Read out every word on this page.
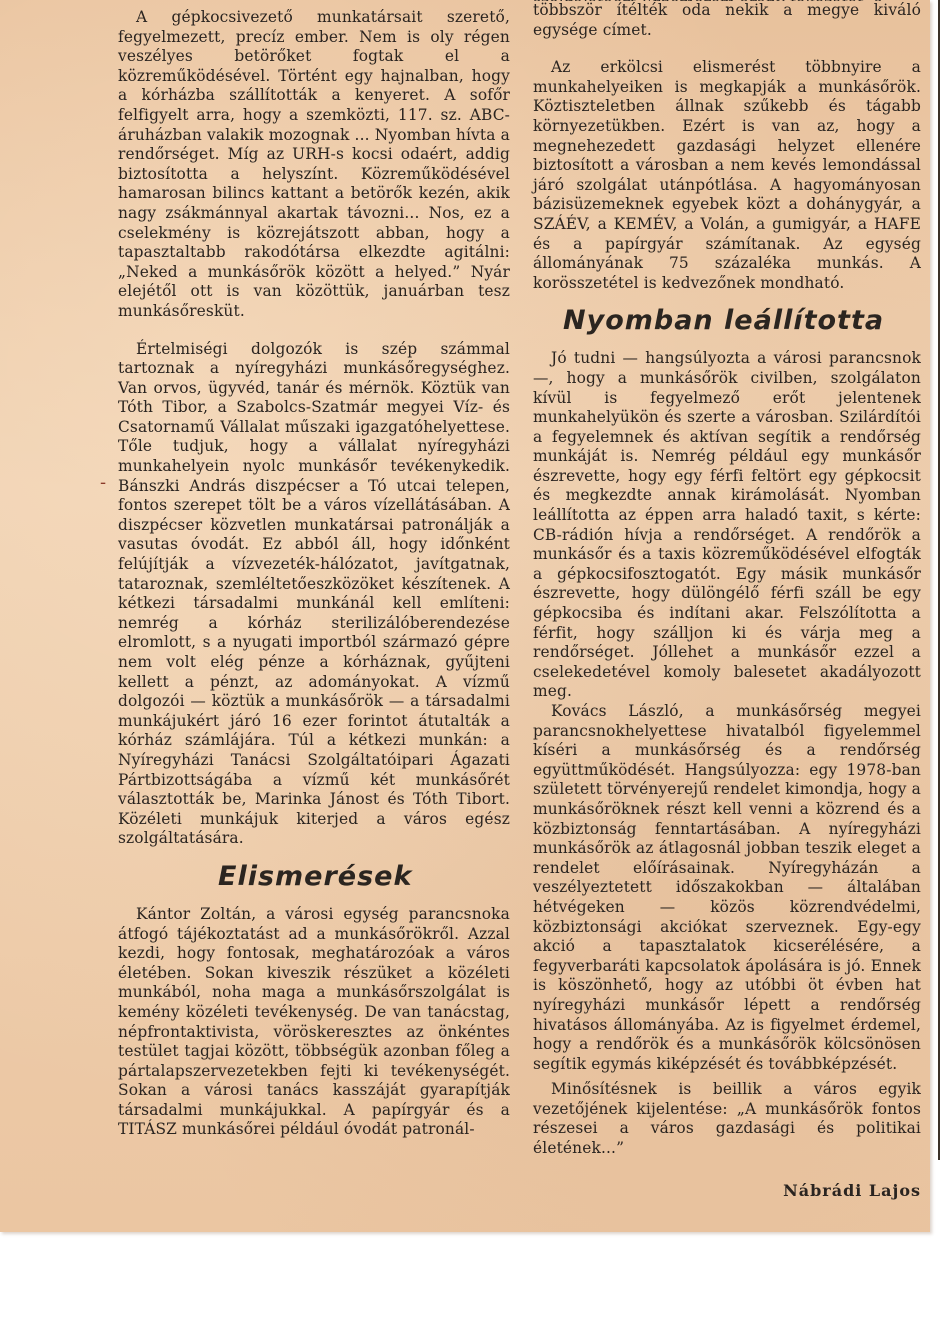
A gépkocsivezető munkatársait szerető, fegyelmezett, precíz ember. Nem is oly régen veszélyes betörőket fogtak el a közreműködésével. Történt egy hajnalban, hogy a kórházba szállították a kenyeret. A sofőr felfigyelt arra, hogy a szemközti, 117. sz. ABC-áruházban valakik mozognak ... Nyomban hívta a rendőrséget. Míg az URH-s kocsi odaért, addig biztosította a helyszínt. Közreműködésével hamarosan bilincs kattant a betörők kezén, akik nagy zsákmánnyal akartak távozni... Nos, ez a cselekmény is közrejátszott abban, hogy a tapasztaltabb rakodótársa elkezdte agitálni: „Neked a munkásőrök között a helyed.” Nyár elejétől ott is van közöttük, januárban tesz munkásőresküt.

Értelmiségi dolgozók is szép számmal tartoznak a nyíregyházi munkásőregységhez. Van orvos, ügyvéd, tanár és mérnök. Köztük van Tóth Tibor, a Szabolcs-Szatmár megyei Víz- és Csatornamű Vállalat műszaki igazgatóhelyettese. Tőle tudjuk, hogy a vállalat nyíregyházi munkahelyein nyolc munkásőr tevékenykedik. Bánszki András diszpécser a Tó utcai telepen, fontos szerepet tölt be a város vízellátásában. A diszpécser közvetlen munkatársai patronálják a vasutas óvodát. Ez abból áll, hogy időnként felújítják a vízvezeték-hálózatot, javítgatnak, tataroznak, szemléltetőeszközöket készítenek. A kétkezi társadalmi munkánál kell említeni: nemrég a kórház sterilizálóberendezése elromlott, s a nyugati importból származó gépre nem volt elég pénze a kórháznak, gyűjteni kellett a pénzt, az adományokat. A vízmű dolgozói — köztük a munkásőrök — a társadalmi munkájukért járó 16 ezer forintot átutalták a kórház számlájára. Túl a kétkezi munkán: a Nyíregyházi Tanácsi Szolgáltatóipari Ágazati Pártbizottságába a vízmű két munkásőrét választották be, Marinka Jánost és Tóth Tibort. Közéleti munkájuk kiterjed a város egész szolgáltatására.

Elismerések

Kántor Zoltán, a városi egység parancsnoka átfogó tájékoztatást ad a munkásőrökről. Azzal kezdi, hogy fontosak, meghatározóak a város életében. Sokan kiveszik részüket a közéleti munkából, noha maga a munkásőrszolgálat is kemény közéleti tevékenység. De van tanácstag, népfrontaktivista, vöröskeresztes az önkéntes testület tagjai között, többségük azonban főleg a pártalapszervezetekben fejti ki tevékenységét. Sokan a városi tanács kasszáját gyarapítják társadalmi munkájukkal. A papírgyár és a TITÁSZ munkásőrei például óvodát patronál-

többször ítélték oda nekik a megye kiváló egysége címet.

Az erkölcsi elismerést többnyire a munkahelyeiken is megkapják a munkásőrök. Köztiszteletben állnak szűkebb és tágabb környezetükben. Ezért is van az, hogy a megnehezedett gazdasági helyzet ellenére biztosított a városban a nem kevés lemondással járó szolgálat utánpótlása. A hagyományosan bázisüzemeknek egyebek közt a dohánygyár, a SZÁÉV, a KEMÉV, a Volán, a gumigyár, a HAFE és a papírgyár számítanak. Az egység állományának 75 százaléka munkás. A korösszetétel is kedvezőnek mondható.

Nyomban leállította

Jó tudni — hangsúlyozta a városi parancsnok —, hogy a munkásőrök civilben, szolgálaton kívül is fegyelmező erőt jelentenek munkahelyükön és szerte a városban. Szilárdítói a fegyelemnek és aktívan segítik a rendőrség munkáját is. Nemrég például egy munkásőr észrevette, hogy egy férfi feltört egy gépkocsit és megkezdte annak kirámolását. Nyomban leállította az éppen arra haladó taxit, s kérte: CB-rádión hívja a rendőrséget. A rendőrök a munkásőr és a taxis közreműködésével elfogták a gépkocsifosztogatót. Egy másik munkásőr észrevette, hogy dülöngélő férfi száll be egy gépkocsiba és indítani akar. Felszólította a férfit, hogy szálljon ki és várja meg a rendőrséget. Jóllehet a munkásőr ezzel a cselekedetével komoly balesetet akadályozott meg.

Kovács László, a munkásőrség megyei parancsnokhelyettese hivatalból figyelemmel kíséri a munkásőrség és a rendőrség együttműködését. Hangsúlyozza: egy 1978-ban született törvényerejű rendelet kimondja, hogy a munkásőröknek részt kell venni a közrend és a közbiztonság fenntartásában. A nyíregyházi munkásőrök az átlagosnál jobban teszik eleget a rendelet előírásainak. Nyíregyházán a veszélyeztetett időszakokban — általában hétvégeken — közös közrendvédelmi, közbiztonsági akciókat szerveznek. Egy-egy akció a tapasztalatok kicserélésére, a fegyverbaráti kapcsolatok ápolására is jó. Ennek is köszönhető, hogy az utóbbi öt évben hat nyíregyházi munkásőr lépett a rendőrség hivatásos állományába. Az is figyelmet érdemel, hogy a rendőrök és a munkásőrök kölcsönösen segítik egymás kiképzését és továbbképzését.

Minősítésnek is beillik a város egyik vezetőjének kijelentése: „A munkásőrök fontos részesei a város gazdasági és politikai életének...”

Nábrádi Lajos
-
